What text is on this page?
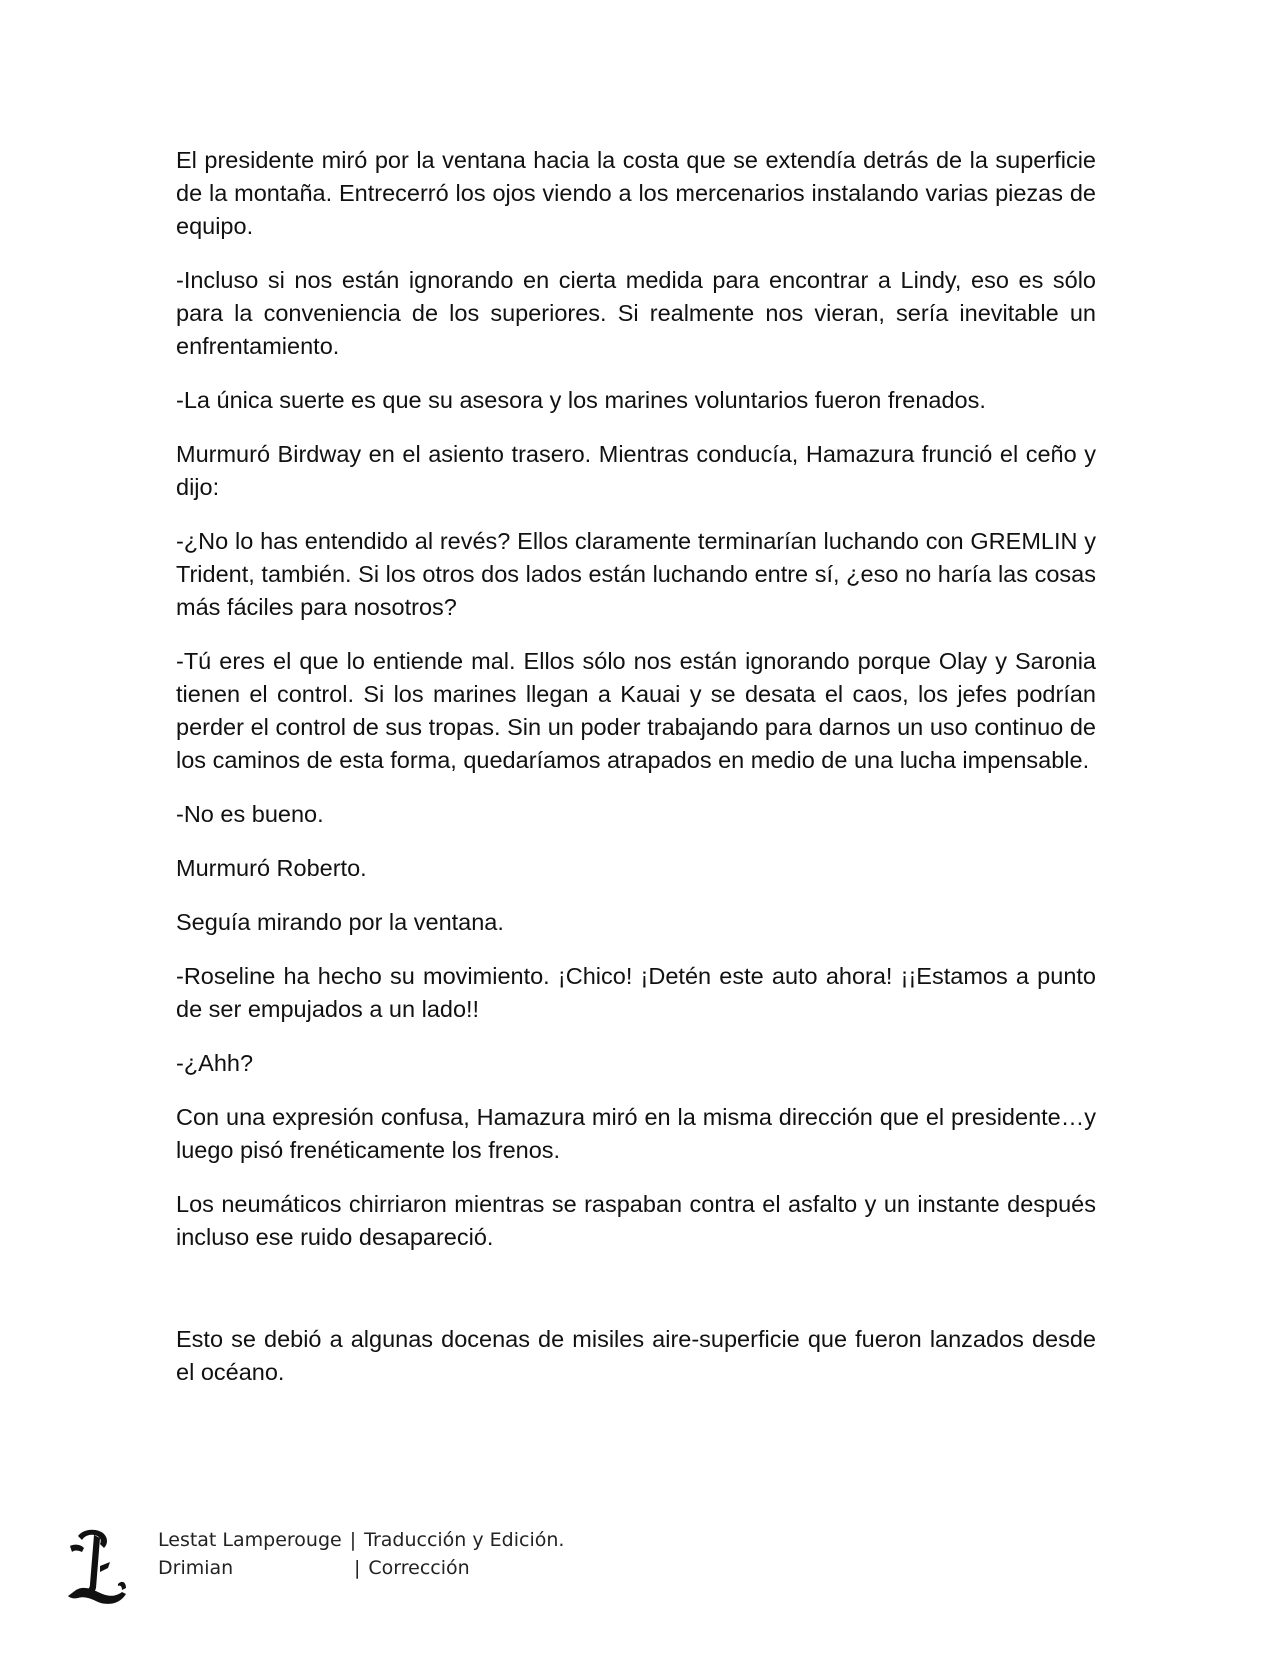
El presidente miró por la ventana hacia la costa que se extendía detrás de la superficie de la montaña. Entrecerró los ojos viendo a los mercenarios instalando varias piezas de equipo.

-Incluso si nos están ignorando en cierta medida para encontrar a Lindy, eso es sólo para la conveniencia de los superiores. Si realmente nos vieran, sería inevitable un enfrentamiento.

-La única suerte es que su asesora y los marines voluntarios fueron frenados.

Murmuró Birdway en el asiento trasero. Mientras conducía, Hamazura frunció el ceño y dijo:

-¿No lo has entendido al revés? Ellos claramente terminarían luchando con GREMLIN y Trident, también. Si los otros dos lados están luchando entre sí, ¿eso no haría las cosas más fáciles para nosotros?

-Tú eres el que lo entiende mal. Ellos sólo nos están ignorando porque Olay y Saronia tienen el control. Si los marines llegan a Kauai y se desata el caos, los jefes podrían perder el control de sus tropas. Sin un poder trabajando para darnos un uso continuo de los caminos de esta forma, quedaríamos atrapados en medio de una lucha impensable.

-No es bueno.

Murmuró Roberto.

Seguía mirando por la ventana.

-Roseline ha hecho su movimiento. ¡Chico! ¡Detén este auto ahora! ¡¡Estamos a punto de ser empujados a un lado!!

-¿Ahh?

Con una expresión confusa, Hamazura miró en la misma dirección que el presidente…y luego pisó frenéticamente los frenos.

Los neumáticos chirriaron mientras se raspaban contra el asfalto y un instante después incluso ese ruido desapareció.

Esto se debió a algunas docenas de misiles aire-superficie que fueron lanzados desde el océano.

Lestat Lamperouge | Traducción y Edición.
Drimian	| Corrección
